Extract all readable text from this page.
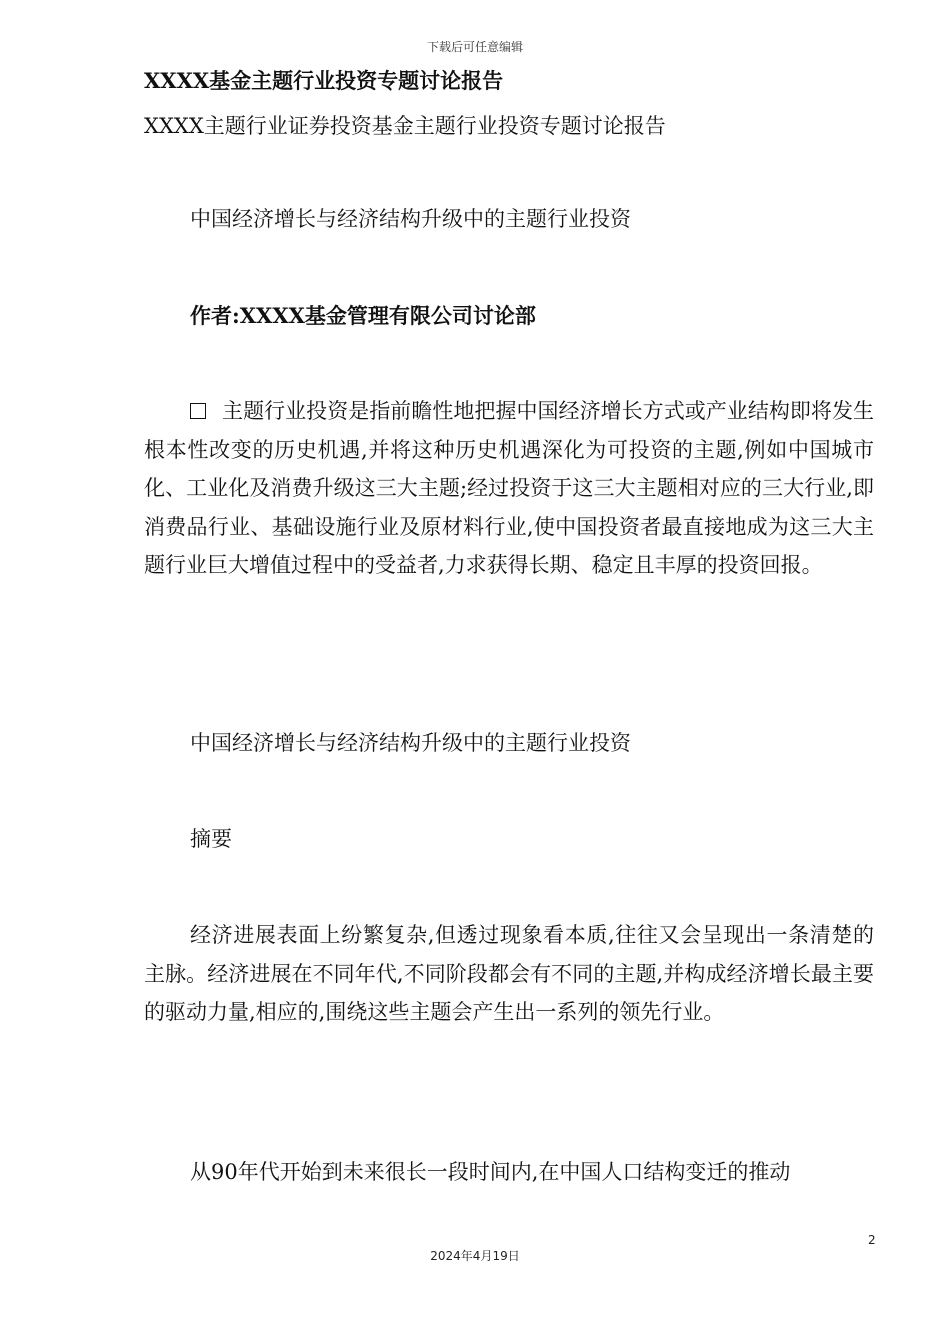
下载后可任意编辑

XXXX基金主题行业投资专题讨论报告

XXXX主题行业证券投资基金主题行业投资专题讨论报告

中国经济增长与经济结构升级中的主题行业投资

作者:XXXX基金管理有限公司讨论部

主题行业投资是指前瞻性地把握中国经济增长方式或产业结构即将发生根本性改变的历史机遇,并将这种历史机遇深化为可投资的主题,例如中国城市化、工业化及消费升级这三大主题;经过投资于这三大主题相对应的三大行业,即消费品行业、基础设施行业及原材料行业,使中国投资者最直接地成为这三大主题行业巨大增值过程中的受益者,力求获得长期、稳定且丰厚的投资回报。

中国经济增长与经济结构升级中的主题行业投资

摘要

经济进展表面上纷繁复杂,但透过现象看本质,往往又会呈现出一条清楚的主脉。经济进展在不同年代,不同阶段都会有不同的主题,并构成经济增长最主要的驱动力量,相应的,围绕这些主题会产生出一系列的领先行业。

从90年代开始到未来很长一段时间内,在中国人口结构变迁的推动

2
2024年4月19日
